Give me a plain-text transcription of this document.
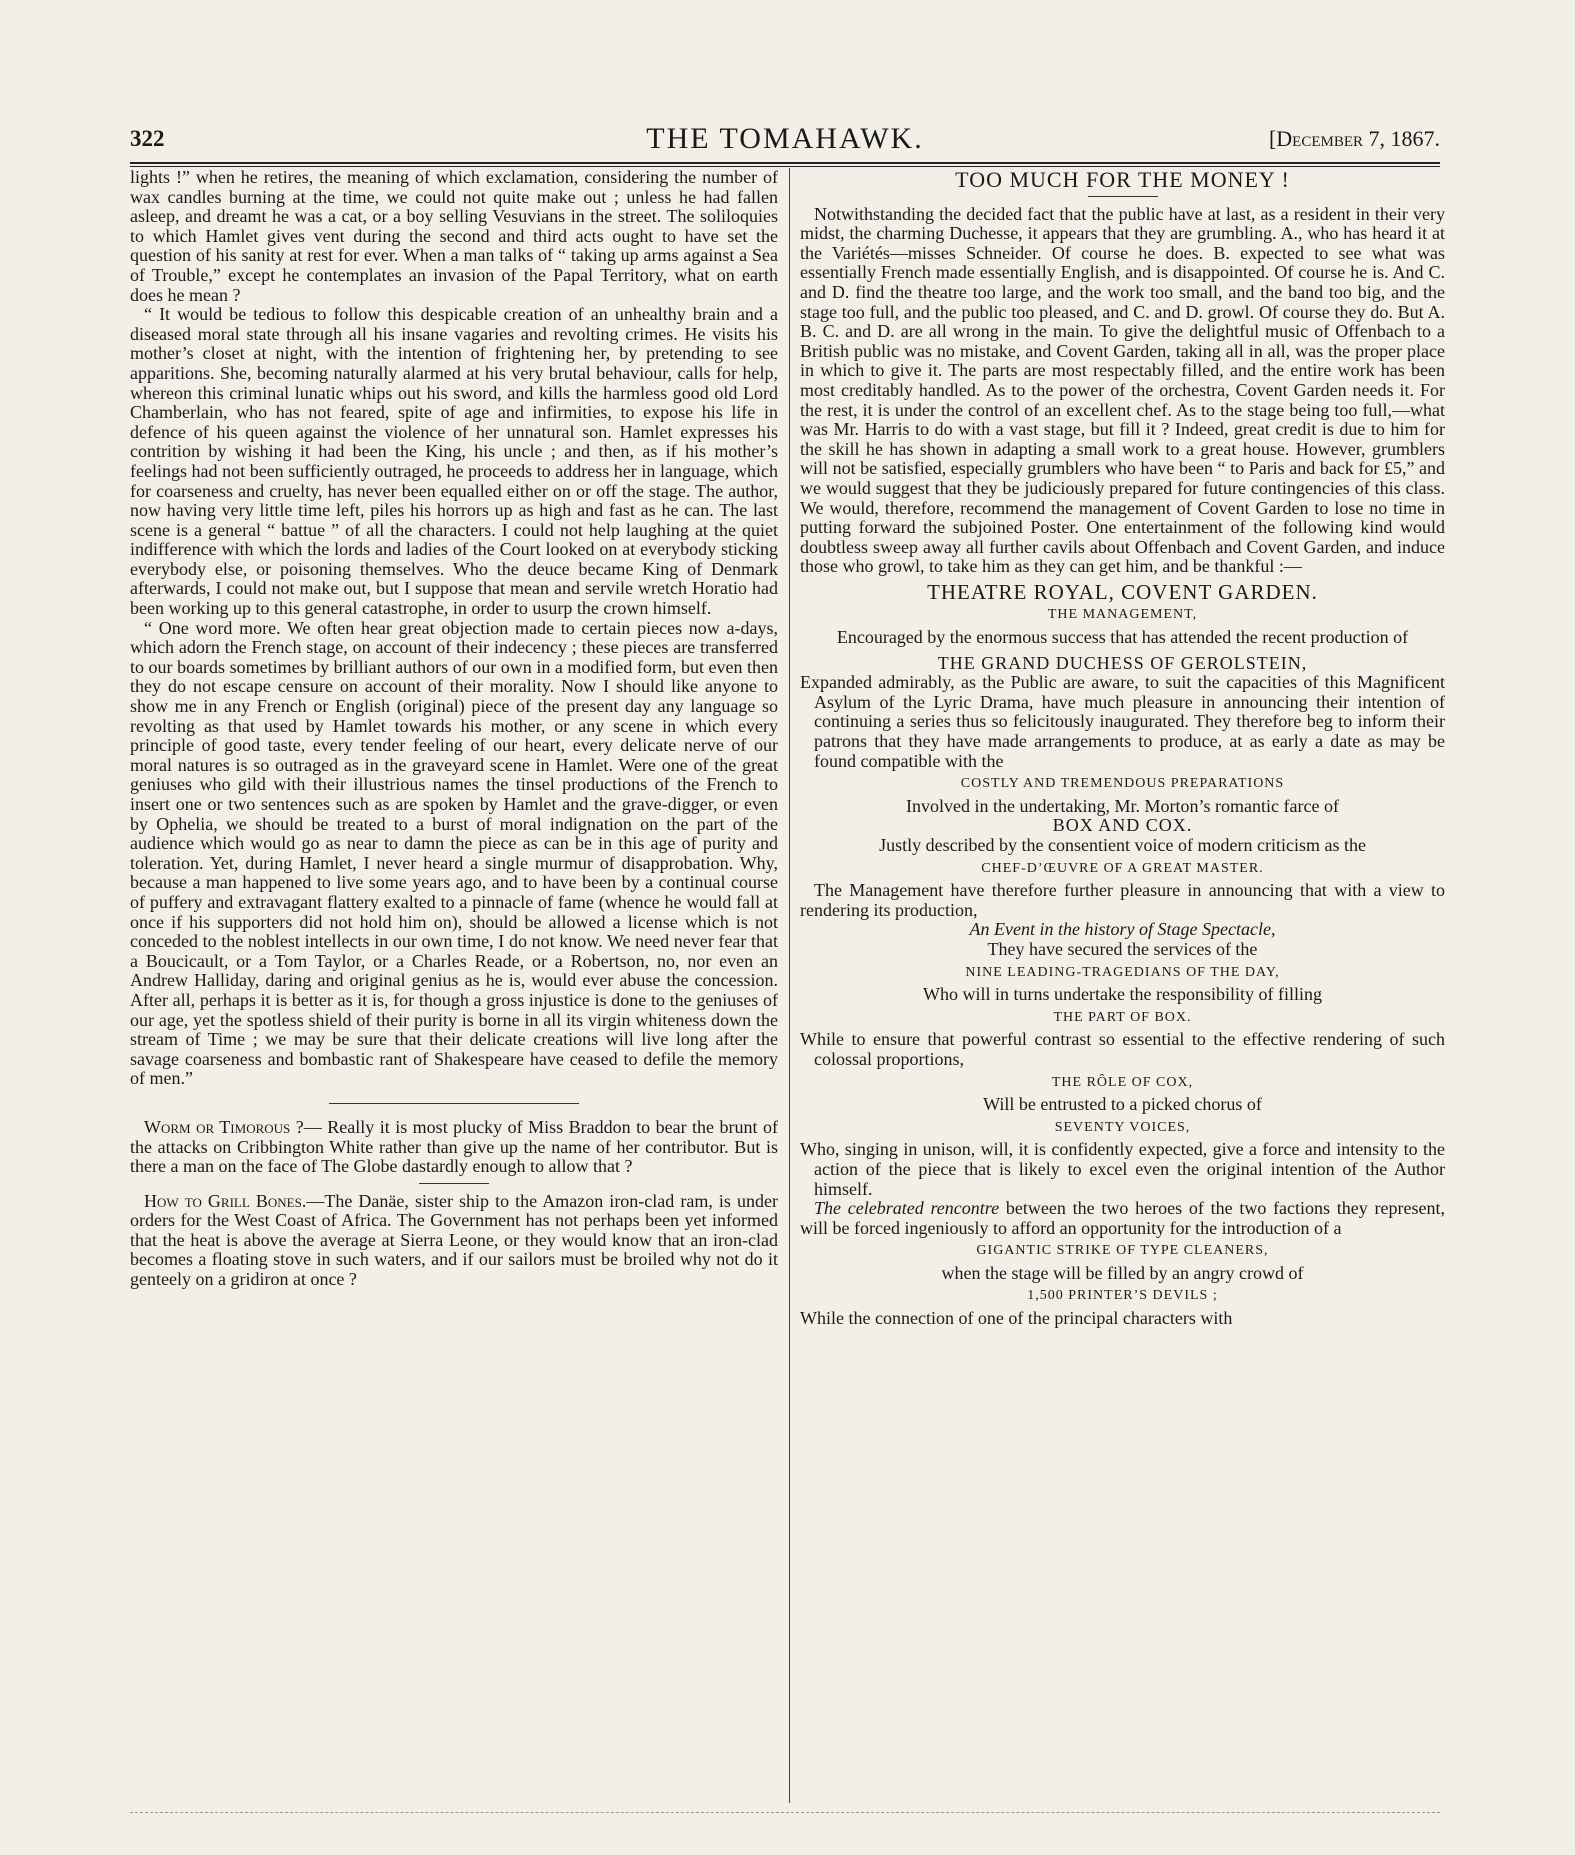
322	THE TOMAHAWK.	[December 7, 1867.

lights !” when he retires, the meaning of which exclamation, considering the number of wax candles burning at the time, we could not quite make out ; unless he had fallen asleep, and dreamt he was a cat, or a boy selling Vesuvians in the street. The soliloquies to which Hamlet gives vent during the second and third acts ought to have set the question of his sanity at rest for ever. When a man talks of “ taking up arms against a Sea of Trouble,” except he contemplates an invasion of the Papal Territory, what on earth does he mean ?

“ It would be tedious to follow this despicable creation of an unhealthy brain and a diseased moral state through all his insane vagaries and revolting crimes. He visits his mother’s closet at night, with the intention of frightening her, by pretending to see apparitions. She, becoming naturally alarmed at his very brutal behaviour, calls for help, whereon this criminal lunatic whips out his sword, and kills the harmless good old Lord Chamberlain, who has not feared, spite of age and infirmities, to expose his life in defence of his queen against the violence of her unnatural son. Hamlet expresses his contrition by wishing it had been the King, his uncle ; and then, as if his mother’s feelings had not been sufficiently outraged, he proceeds to address her in language, which for coarseness and cruelty, has never been equalled either on or off the stage. The author, now having very little time left, piles his horrors up as high and fast as he can. The last scene is a general “ battue ” of all the characters. I could not help laughing at the quiet indifference with which the lords and ladies of the Court looked on at everybody sticking everybody else, or poisoning themselves. Who the deuce became King of Denmark afterwards, I could not make out, but I suppose that mean and servile wretch Horatio had been working up to this general catastrophe, in order to usurp the crown himself.

“ One word more. We often hear great objection made to certain pieces now a-days, which adorn the French stage, on account of their indecency ; these pieces are transferred to our boards sometimes by brilliant authors of our own in a modified form, but even then they do not escape censure on account of their morality. Now I should like anyone to show me in any French or English (original) piece of the present day any language so revolting as that used by Hamlet towards his mother, or any scene in which every principle of good taste, every tender feeling of our heart, every delicate nerve of our moral natures is so outraged as in the graveyard scene in Hamlet. Were one of the great geniuses who gild with their illustrious names the tinsel productions of the French to insert one or two sentences such as are spoken by Hamlet and the grave-digger, or even by Ophelia, we should be treated to a burst of moral indignation on the part of the audience which would go as near to damn the piece as can be in this age of purity and toleration. Yet, during Hamlet, I never heard a single murmur of disapprobation. Why, because a man happened to live some years ago, and to have been by a continual course of puffery and extravagant flattery exalted to a pinnacle of fame (whence he would fall at once if his supporters did not hold him on), should be allowed a license which is not conceded to the noblest intellects in our own time, I do not know. We need never fear that a Boucicault, or a Tom Taylor, or a Charles Reade, or a Robertson, no, nor even an Andrew Halliday, daring and original genius as he is, would ever abuse the concession. After all, perhaps it is better as it is, for though a gross injustice is done to the geniuses of our age, yet the spotless shield of their purity is borne in all its virgin whiteness down the stream of Time ; we may be sure that their delicate creations will live long after the savage coarseness and bombastic rant of Shakespeare have ceased to defile the memory of men.”

Worm or Timorous ?— Really it is most plucky of Miss Braddon to bear the brunt of the attacks on Cribbington White rather than give up the name of her contributor. But is there a man on the face of The Globe dastardly enough to allow that ?

How to Grill Bones.—The Danäe, sister ship to the Amazon iron-clad ram, is under orders for the West Coast of Africa. The Government has not perhaps been yet informed that the heat is above the average at Sierra Leone, or they would know that an iron-clad becomes a floating stove in such waters, and if our sailors must be broiled why not do it genteely on a gridiron at once ?

TOO MUCH FOR THE MONEY !

Notwithstanding the decided fact that the public have at last, as a resident in their very midst, the charming Duchesse, it appears that they are grumbling. A., who has heard it at the Variétés—misses Schneider. Of course he does. B. expected to see what was essentially French made essentially English, and is disappointed. Of course he is. And C. and D. find the theatre too large, and the work too small, and the band too big, and the stage too full, and the public too pleased, and C. and D. growl. Of course they do. But A. B. C. and D. are all wrong in the main. To give the delightful music of Offenbach to a British public was no mistake, and Covent Garden, taking all in all, was the proper place in which to give it. The parts are most respectably filled, and the entire work has been most creditably handled. As to the power of the orchestra, Covent Garden needs it. For the rest, it is under the control of an excellent chef. As to the stage being too full,—what was Mr. Harris to do with a vast stage, but fill it ? Indeed, great credit is due to him for the skill he has shown in adapting a small work to a great house. However, grumblers will not be satisfied, especially grumblers who have been “ to Paris and back for £5,” and we would suggest that they be judiciously prepared for future contingencies of this class. We would, therefore, recommend the management of Covent Garden to lose no time in putting forward the subjoined Poster. One entertainment of the following kind would doubtless sweep away all further cavils about Offenbach and Covent Garden, and induce those who growl, to take him as they can get him, and be thankful :—

THEATRE ROYAL, COVENT GARDEN.
THE MANAGEMENT,

Encouraged by the enormous success that has attended the recent production of

THE GRAND DUCHESS OF GEROLSTEIN,

Expanded admirably, as the Public are aware, to suit the capacities of this Magnificent Asylum of the Lyric Drama, have much pleasure in announcing their intention of continuing a series thus so felicitously inaugurated. They therefore beg to inform their patrons that they have made arrangements to produce, at as early a date as may be found compatible with the

COSTLY AND TREMENDOUS PREPARATIONS

Involved in the undertaking, Mr. Morton’s romantic farce of

BOX AND COX.

Justly described by the consentient voice of modern criticism as the

CHEF-D’ŒUVRE OF A GREAT MASTER.

The Management have therefore further pleasure in announcing that with a view to rendering its production,

An Event in the history of Stage Spectacle,

They have secured the services of the

NINE LEADING-TRAGEDIANS OF THE DAY,

Who will in turns undertake the responsibility of filling

THE PART OF BOX.

While to ensure that powerful contrast so essential to the effective rendering of such colossal proportions,

THE RÔLE OF COX,

Will be entrusted to a picked chorus of

SEVENTY VOICES,

Who, singing in unison, will, it is confidently expected, give a force and intensity to the action of the piece that is likely to excel even the original intention of the Author himself.

The celebrated rencontre between the two heroes of the two factions they represent, will be forced ingeniously to afford an opportunity for the introduction of a

GIGANTIC STRIKE OF TYPE CLEANERS,

when the stage will be filled by an angry crowd of

1,500 PRINTER’S DEVILS ;

While the connection of one of the principal characters with
